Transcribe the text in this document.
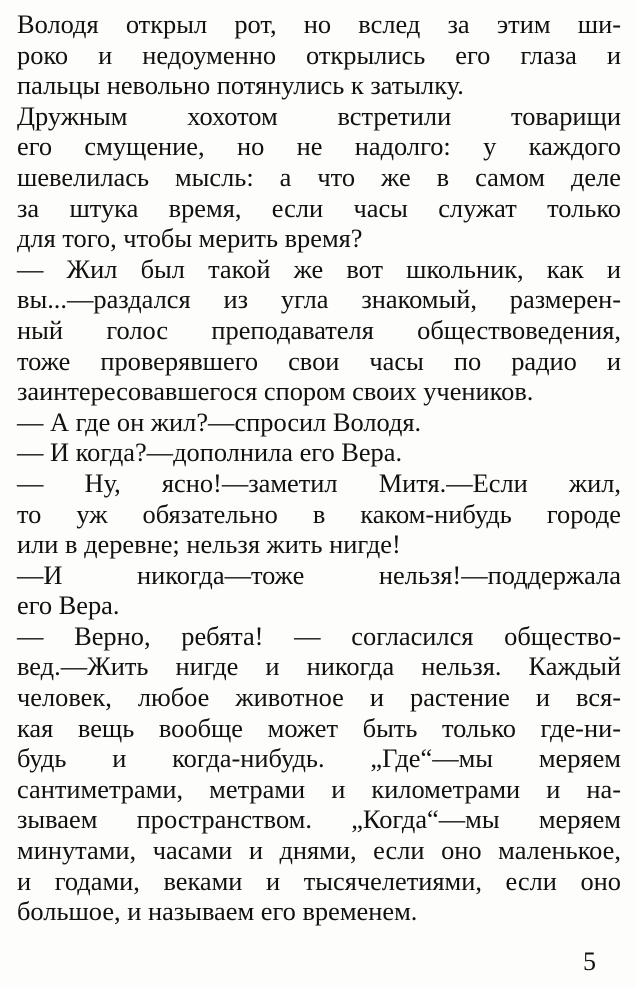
Володя открыл рот, но вслед за этим ши-
роко и недоуменно открылись его глаза и
пальцы невольно потянулись к затылку.
Дружным хохотом встретили товарищи
его смущение, но не надолго: у каждого
шевелилась мысль: а что же в самом деле
за штука время, если часы служат только
для того, чтобы мерить время?
— Жил был такой же вот школьник, как и
вы...—раздался из угла знакомый, размерен-
ный голос преподавателя обществоведения,
тоже проверявшего свои часы по радио и
заинтересовавшегося спором своих учеников.
— А где он жил?—спросил Володя.
— И когда?—дополнила его Вера.
— Ну, ясно!—заметил Митя.—Если жил,
то уж обязательно в каком-нибудь городе
или в деревне; нельзя жить нигде!
—И никогда—тоже нельзя!—поддержала
его Вера.
— Верно, ребята! — согласился общество-
вед.—Жить нигде и никогда нельзя. Каждый
человек, любое животное и растение и вся-
кая вещь вообще может быть только где-ни-
будь и когда-нибудь. „Где“—мы меряем
сантиметрами, метрами и километрами и на-
зываем пространством. „Когда“—мы меряем
минутами, часами и днями, если оно маленькое,
и годами, веками и тысячелетиями, если оно
большое, и называем его временем.
5
